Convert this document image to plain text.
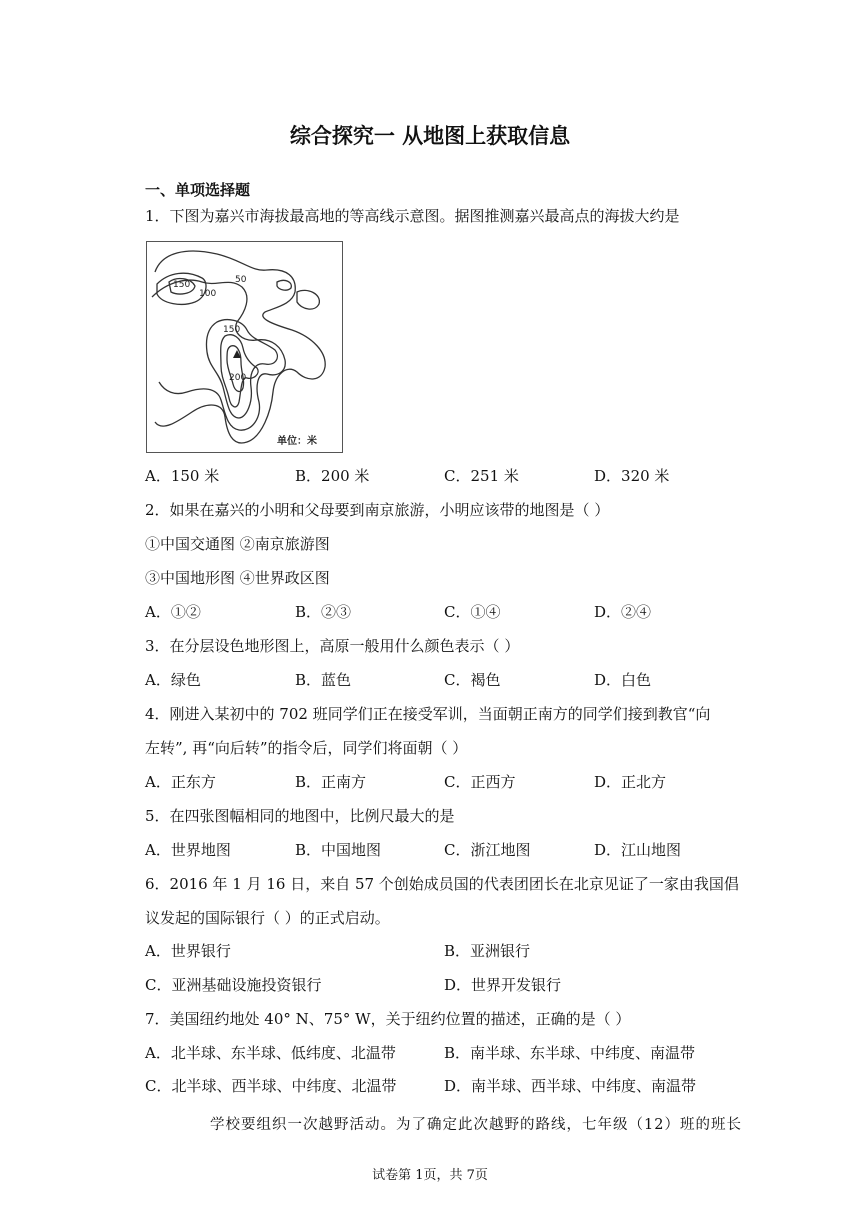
综合探究一 从地图上获取信息
一、单项选择题
1．下图为嘉兴市海拔最高地的等高线示意图。据图推测嘉兴最高点的海拔大约是
150
100
50
150
200
单位：米
A．150 米	B．200 米	C．251 米	D．320 米
2．如果在嘉兴的小明和父母要到南京旅游，小明应该带的地图是（ ）
①中国交通图 ②南京旅游图
③中国地形图 ④世界政区图
A．①②	B．②③	C．①④	D．②④
3．在分层设色地形图上，高原一般用什么颜色表示（ ）
A．绿色	B．蓝色	C．褐色	D．白色
4．刚进入某初中的 702 班同学们正在接受军训，当面朝正南方的同学们接到教官“向
左转”, 再“向后转”的指令后，同学们将面朝（ ）
A．正东方	B．正南方	C．正西方	D．正北方
5．在四张图幅相同的地图中，比例尺最大的是
A．世界地图	B．中国地图	C．浙江地图	D．江山地图
6．2016 年 1 月 16 日，来自 57 个创始成员国的代表团团长在北京见证了一家由我国倡
议发起的国际银行（ ）的正式启动。
A．世界银行	B．亚洲银行
C．亚洲基础设施投资银行	D．世界开发银行
7．美国纽约地处 40° N、75° W，关于纽约位置的描述，正确的是（ ）
A．北半球、东半球、低纬度、北温带	B．南半球、东半球、中纬度、南温带
C．北半球、西半球、中纬度、北温带	D．南半球、西半球、中纬度、南温带
学校要组织一次越野活动。为了确定此次越野的路线，七年级（12）班的班长
试卷第 1页，共 7页
